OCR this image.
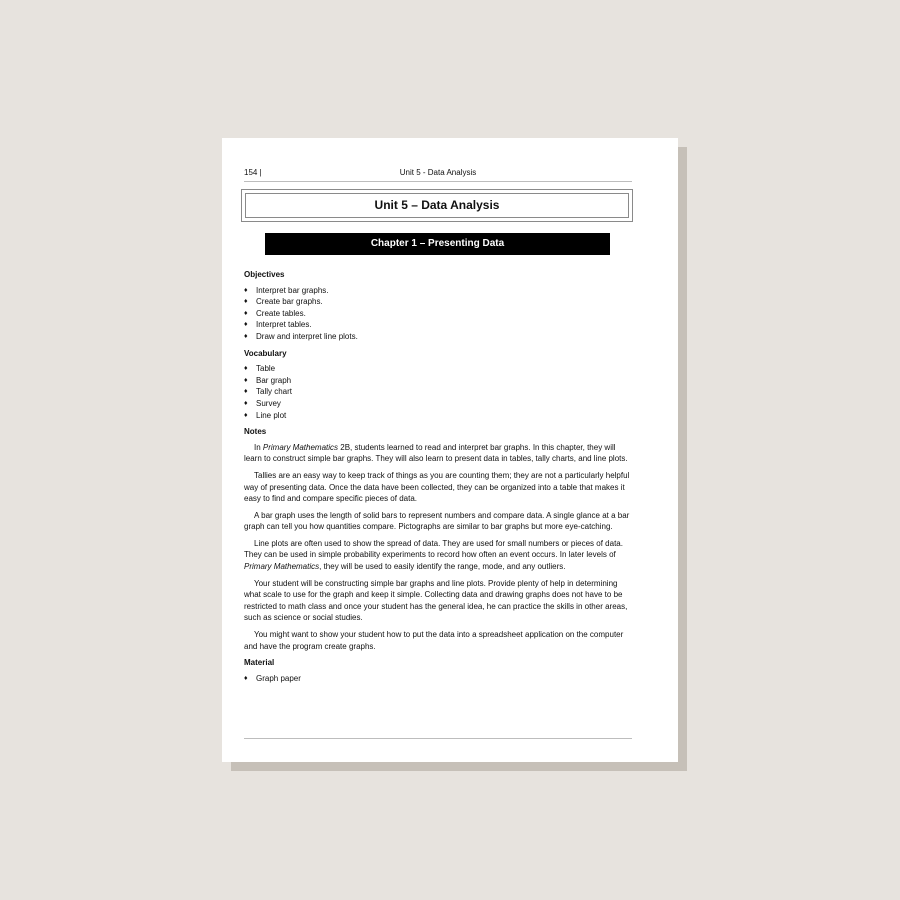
154 |	Unit 5 - Data Analysis
Unit 5 – Data Analysis
Chapter 1 – Presenting Data
Objectives
♦ Interpret bar graphs.
♦ Create bar graphs.
♦ Create tables.
♦ Interpret tables.
♦ Draw and interpret line plots.
Vocabulary
♦ Table
♦ Bar graph
♦ Tally chart
♦ Survey
♦ Line plot
Notes

In Primary Mathematics 2B, students learned to read and interpret bar graphs. In this chapter, they will learn to construct simple bar graphs. They will also learn to present data in tables, tally charts, and line plots.

Tallies are an easy way to keep track of things as you are counting them; they are not a particularly helpful way of presenting data. Once the data have been collected, they can be organized into a table that makes it easy to find and compare specific pieces of data.

A bar graph uses the length of solid bars to represent numbers and compare data. A single glance at a bar graph can tell you how quantities compare. Pictographs are similar to bar graphs but more eye-catching.

Line plots are often used to show the spread of data. They are used for small numbers or pieces of data. They can be used in simple probability experiments to record how often an event occurs. In later levels of Primary Mathematics, they will be used to easily identify the range, mode, and any outliers.

Your student will be constructing simple bar graphs and line plots. Provide plenty of help in determining what scale to use for the graph and keep it simple. Collecting data and drawing graphs does not have to be restricted to math class and once your student has the general idea, he can practice the skills in other areas, such as science or social studies.

You might want to show your student how to put the data into a spreadsheet application on the computer and have the program create graphs.

Material
♦ Graph paper
